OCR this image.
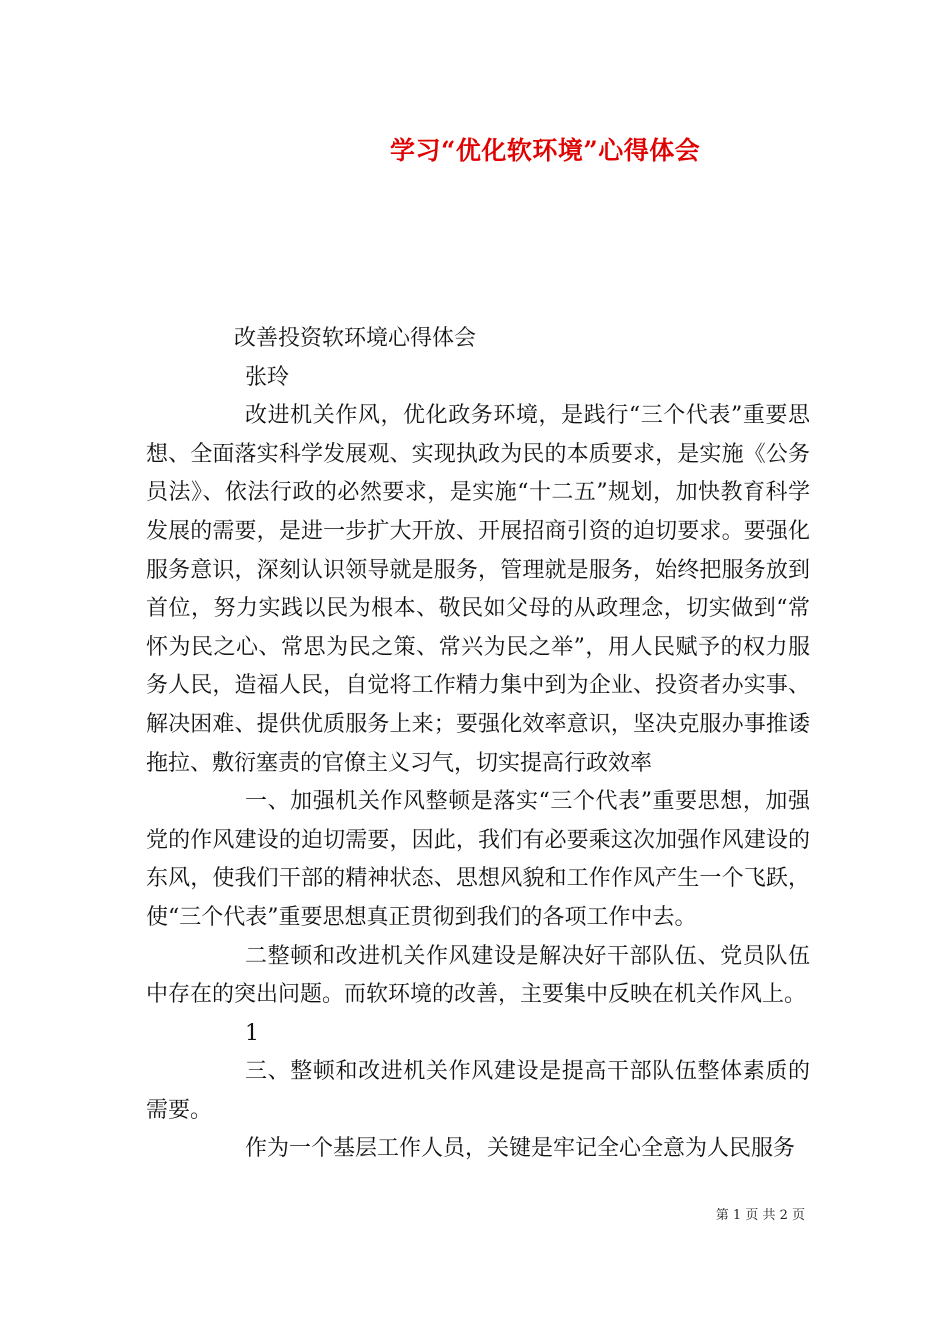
学习“优化软环境”心得体会

改善投资软环境心得体会

张玲

改进机关作风，优化政务环境，是践行“三个代表”重要思想、全面落实科学发展观、实现执政为民的本质要求，是实施《公务员法》、依法行政的必然要求，是实施“十二五”规划，加快教育科学发展的需要，是进一步扩大开放、开展招商引资的迫切要求。要强化服务意识，深刻认识领导就是服务，管理就是服务，始终把服务放到首位，努力实践以民为根本、敬民如父母的从政理念，切实做到“常怀为民之心、常思为民之策、常兴为民之举”，用人民赋予的权力服务人民，造福人民，自觉将工作精力集中到为企业、投资者办实事、解决困难、提供优质服务上来；要强化效率意识，坚决克服办事推诿拖拉、敷衍塞责的官僚主义习气，切实提高行政效率

一、加强机关作风整顿是落实“三个代表”重要思想，加强党的作风建设的迫切需要，因此，我们有必要乘这次加强作风建设的东风，使我们干部的精神状态、思想风貌和工作作风产生一个飞跃，使“三个代表”重要思想真正贯彻到我们的各项工作中去。

二整顿和改进机关作风建设是解决好干部队伍、党员队伍中存在的突出问题。而软环境的改善，主要集中反映在机关作风上。

1

三、整顿和改进机关作风建设是提高干部队伍整体素质的需要。

作为一个基层工作人员，关键是牢记全心全意为人民服务

第 1 页 共 2 页
